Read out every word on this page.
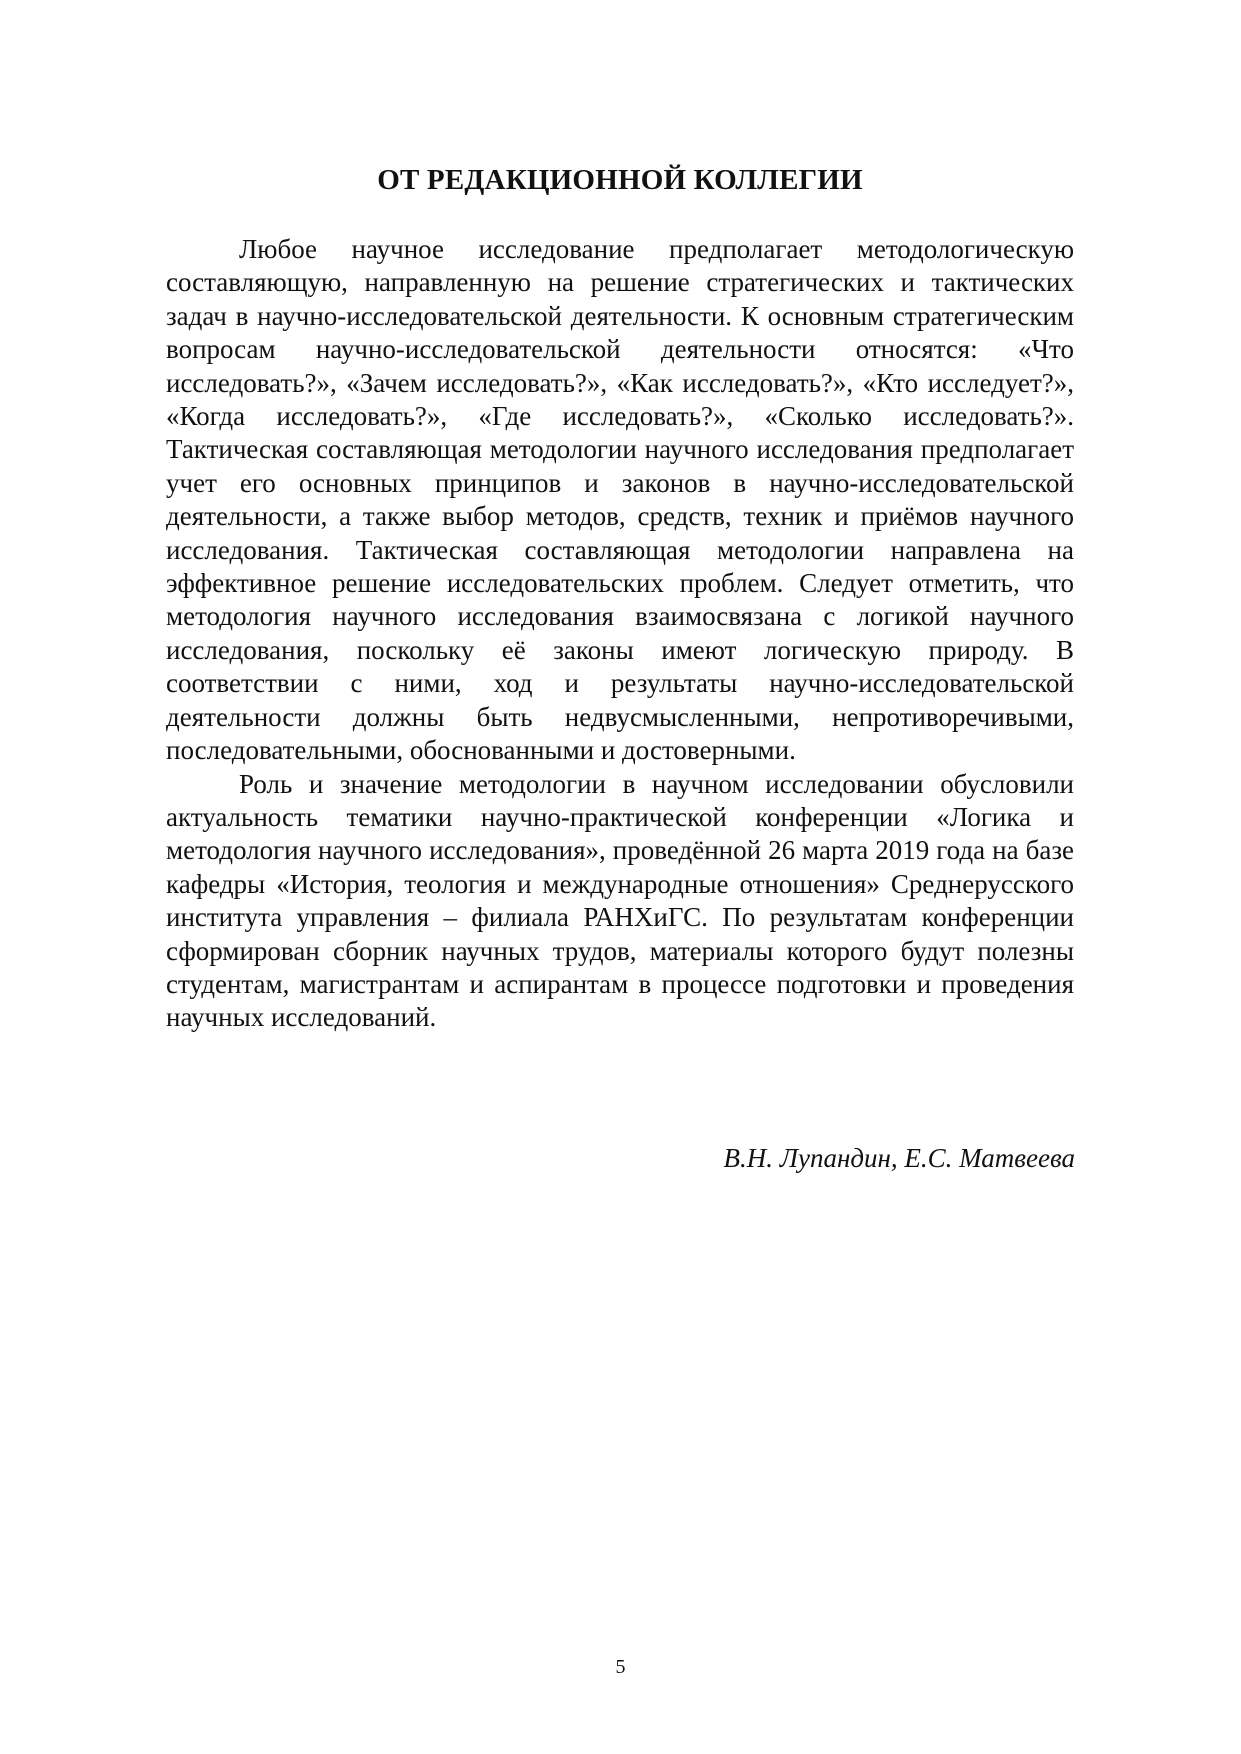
ОТ РЕДАКЦИОННОЙ КОЛЛЕГИИ

Любое научное исследование предполагает методологическую составляющую, направленную на решение стратегических и тактических задач в научно-исследовательской деятельности. К основным стратегическим вопросам научно-исследовательской деятельности относятся: «Что исследовать?», «Зачем исследовать?», «Как исследовать?», «Кто исследует?», «Когда исследовать?», «Где исследовать?», «Сколько исследовать?». Тактическая составляющая методологии научного исследования предполагает учет его основных принципов и законов в научно-исследовательской деятельности, а также выбор методов, средств, техник и приёмов научного исследования. Тактическая составляющая методологии направлена на эффективное решение исследовательских проблем. Следует отметить, что методология научного исследования взаимосвязана с логикой научного исследования, поскольку её законы имеют логическую природу. В соответствии с ними, ход и результаты научно-исследовательской деятельности должны быть недвусмысленными, непротиворечивыми, последовательными, обоснованными и достоверными.

Роль и значение методологии в научном исследовании обусловили актуальность тематики научно-практической конференции «Логика и методология научного исследования», проведённой 26 марта 2019 года на базе кафедры «История, теология и международные отношения» Среднерусского института управления – филиала РАНХиГС. По результатам конференции сформирован сборник научных трудов, материалы которого будут полезны студентам, магистрантам и аспирантам в процессе подготовки и проведения научных исследований.

В.Н. Лупандин, Е.С. Матвеева
5
